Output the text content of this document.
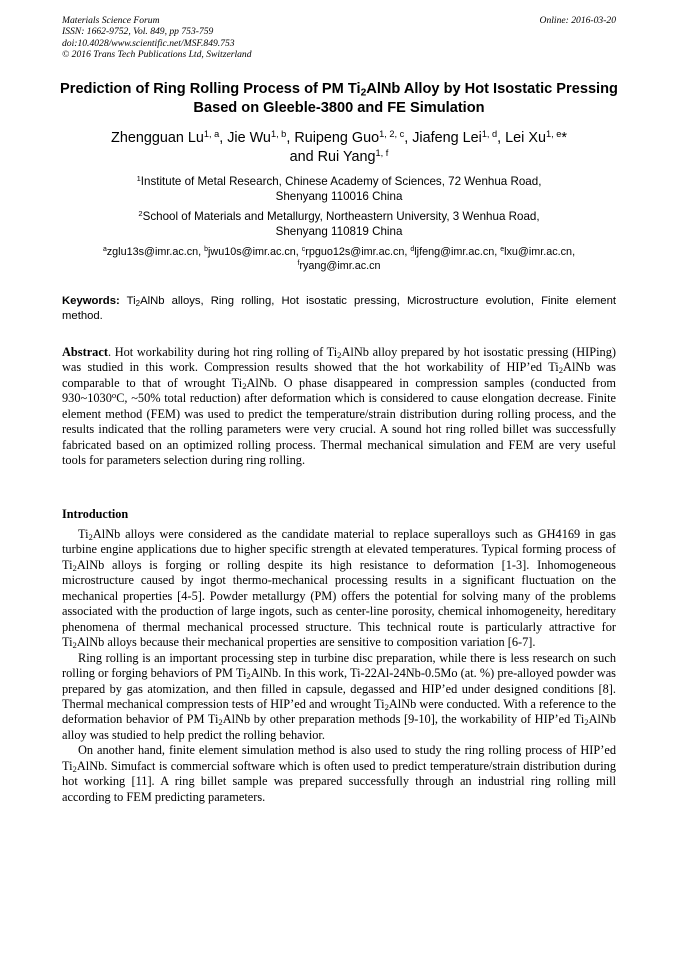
Materials Science Forum
ISSN: 1662-9752, Vol. 849, pp 753-759
doi:10.4028/www.scientific.net/MSF.849.753
© 2016 Trans Tech Publications Ltd, Switzerland
Online: 2016-03-20
Prediction of Ring Rolling Process of PM $Ti_2AlNb$ Alloy by Hot Isostatic Pressing Based on Gleeble-3800 and FE Simulation
Zhengguan Lu$^{1, a}$, Jie Wu$^{1, b}$, Ruipeng Guo$^{1, 2, c}$, Jiafeng Lei$^{1, d}$, Lei Xu$^{1, e}$*
and Rui Yang$^{1, f}$
$^1$Institute of Metal Research, Chinese Academy of Sciences, 72 Wenhua Road,
Shenyang 110016 China
$^2$School of Materials and Metallurgy, Northeastern University, 3 Wenhua Road,
Shenyang 110819 China
$^a$zglu13s@imr.ac.cn, $^b$jwu10s@imr.ac.cn, $^c$rpguo12s@imr.ac.cn, $^d$ljfeng@imr.ac.cn, $^e$lxu@imr.ac.cn,
$^f$ryang@imr.ac.cn
Keywords: $Ti_2AlNb$ alloys, Ring rolling, Hot isostatic pressing, Microstructure evolution, Finite element method.
Abstract. Hot workability during hot ring rolling of $Ti_2AlNb$ alloy prepared by hot isostatic pressing (HIPing) was studied in this work. Compression results showed that the hot workability of HIP’ed $Ti_2AlNb$ was comparable to that of wrought $Ti_2AlNb$. O phase disappeared in compression samples (conducted from 930~1030$^o$C, ~50% total reduction) after deformation which is considered to cause elongation decrease. Finite element method (FEM) was used to predict the temperature/strain distribution during rolling process, and the results indicated that the rolling parameters were very crucial. A sound hot ring rolled billet was successfully fabricated based on an optimized rolling process. Thermal mechanical simulation and FEM are very useful tools for parameters selection during ring rolling.
Introduction

$Ti_2AlNb$ alloys were considered as the candidate material to replace superalloys such as GH4169 in gas turbine engine applications due to higher specific strength at elevated temperatures. Typical forming process of $Ti_2AlNb$ alloys is forging or rolling despite its high resistance to deformation [1-3]. Inhomogeneous microstructure caused by ingot thermo-mechanical processing results in a significant fluctuation on the mechanical properties [4-5]. Powder metallurgy (PM) offers the potential for solving many of the problems associated with the production of large ingots, such as center-line porosity, chemical inhomogeneity, hereditary phenomena of thermal mechanical processed structure. This technical route is particularly attractive for $Ti_2AlNb$ alloys because their mechanical properties are sensitive to composition variation [6-7].

Ring rolling is an important processing step in turbine disc preparation, while there is less research on such rolling or forging behaviors of PM $Ti_2AlNb$. In this work, Ti-22Al-24Nb-0.5Mo (at. %) pre-alloyed powder was prepared by gas atomization, and then filled in capsule, degassed and HIP’ed under designed conditions [8]. Thermal mechanical compression tests of HIP’ed and wrought $Ti_2AlNb$ were conducted. With a reference to the deformation behavior of PM $Ti_2AlNb$ by other preparation methods [9-10], the workability of HIP’ed $Ti_2AlNb$ alloy was studied to help predict the rolling behavior.

On another hand, finite element simulation method is also used to study the ring rolling process of HIP’ed $Ti_2AlNb$. Simufact is commercial software which is often used to predict temperature/strain distribution during hot working [11]. A ring billet sample was prepared successfully through an industrial ring rolling mill according to FEM predicting parameters.
